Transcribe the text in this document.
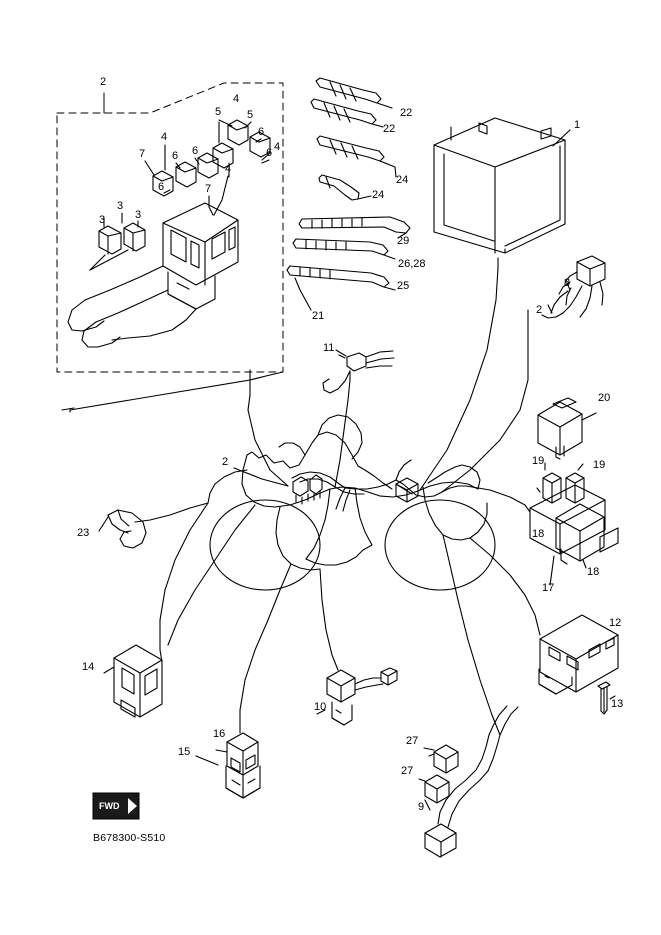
1
2
2
2
3
3
3
4
4
4
4
5 5
6 6
6
6
6
7
7
8
9
10
11
12
13
14
15
16
17
18
18
19	19
20
21
22
22
23
24
24
25
26,28
27
27
29
FWD
B678300-S510
